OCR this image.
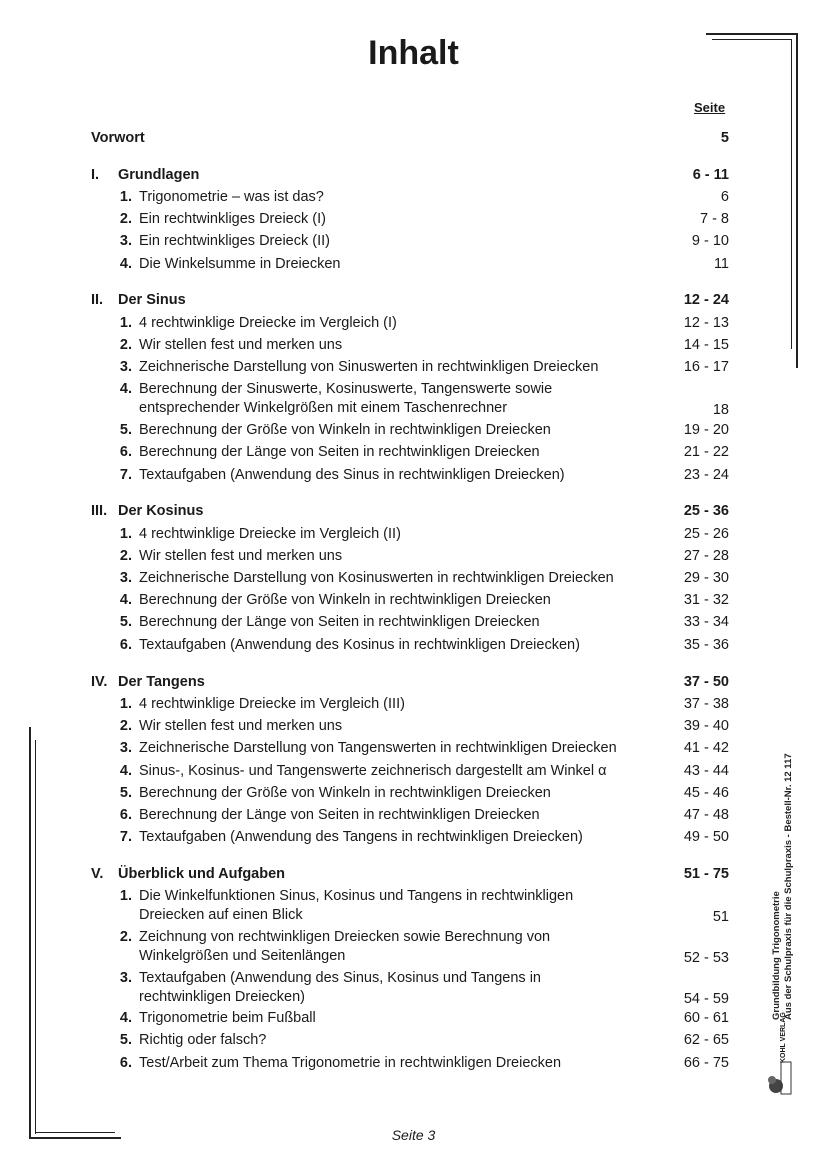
Inhalt
Seite
Vorwort	5
I. Grundlagen	6 - 11
1. Trigonometrie – was ist das?	6
2. Ein rechtwinkliges Dreieck (I)	7 - 8
3. Ein rechtwinkliges Dreieck (II)	9 - 10
4. Die Winkelsumme in Dreiecken	11
II. Der Sinus	12 - 24
1. 4 rechtwinklige Dreiecke im Vergleich (I)	12 - 13
2. Wir stellen fest und merken uns	14 - 15
3. Zeichnerische Darstellung von Sinuswerten in rechtwinkligen Dreiecken	16 - 17
4. Berechnung der Sinuswerte, Kosinuswerte, Tangenswerte sowie
entsprechender Winkelgrößen mit einem Taschenrechner	18
5. Berechnung der Größe von Winkeln in rechtwinkligen Dreiecken	19 - 20
6. Berechnung der Länge von Seiten in rechtwinkligen Dreiecken	21 - 22
7. Textaufgaben (Anwendung des Sinus in rechtwinkligen Dreiecken)	23 - 24
III. Der Kosinus	25 - 36
1. 4 rechtwinklige Dreiecke im Vergleich (II)	25 - 26
2. Wir stellen fest und merken uns	27 - 28
3. Zeichnerische Darstellung von Kosinuswerten in rechtwinkligen Dreiecken	29 - 30
4. Berechnung der Größe von Winkeln in rechtwinkligen Dreiecken	31 - 32
5. Berechnung der Länge von Seiten in rechtwinkligen Dreiecken	33 - 34
6. Textaufgaben (Anwendung des Kosinus in rechtwinkligen Dreiecken)	35 - 36
IV. Der Tangens	37 - 50
1. 4 rechtwinklige Dreiecke im Vergleich (III)	37 - 38
2. Wir stellen fest und merken uns	39 - 40
3. Zeichnerische Darstellung von Tangenswerten in rechtwinkligen Dreiecken	41 - 42
4. Sinus-, Kosinus- und Tangenswerte zeichnerisch dargestellt am Winkel α	43 - 44
5. Berechnung der Größe von Winkeln in rechtwinkligen Dreiecken	45 - 46
6. Berechnung der Länge von Seiten in rechtwinkligen Dreiecken	47 - 48
7. Textaufgaben (Anwendung des Tangens in rechtwinkligen Dreiecken)	49 - 50
V. Überblick und Aufgaben	51 - 75
1. Die Winkelfunktionen Sinus, Kosinus und Tangens in rechtwinkligen
Dreiecken auf einen Blick	51
2. Zeichnung von rechtwinkligen Dreiecken sowie Berechnung von
Winkelgrößen und Seitenlängen	52 - 53
3. Textaufgaben (Anwendung des Sinus, Kosinus und Tangens in
rechtwinkligen Dreiecken)	54 - 59
4. Trigonometrie beim Fußball	60 - 61
5. Richtig oder falsch?	62 - 65
6. Test/Arbeit zum Thema Trigonometrie in rechtwinkligen Dreiecken	66 - 75
Seite 3
Grundbildung Trigonometrie Aus der Schulpraxis für die Schulpraxis - Bestell-Nr. 12 117
KOHL VERLAG
